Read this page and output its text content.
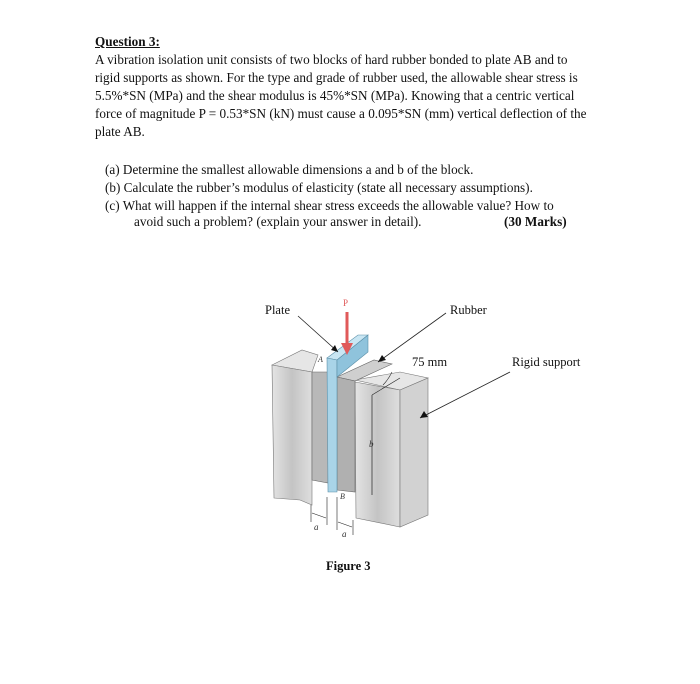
Question 3:
A vibration isolation unit consists of two blocks of hard rubber bonded to plate AB and to
rigid supports as shown. For the type and grade of rubber used, the allowable shear stress is
5.5%*SN (MPa) and the shear modulus is 45%*SN (MPa). Knowing that a centric vertical
force of magnitude P = 0.53*SN (kN) must cause a 0.095*SN (mm) vertical deflection of the
plate AB.
(a) Determine the smallest allowable dimensions a and b of the block.
(b) Calculate the rubber’s modulus of elasticity (state all necessary assumptions).
(c) What will happen if the internal shear stress exceeds the allowable value? How to
avoid such a problem? (explain your answer in detail).	(30 Marks)
P
b
a
a
A
B
Plate	Rubber
75 mm	Rigid support
Figure 3
